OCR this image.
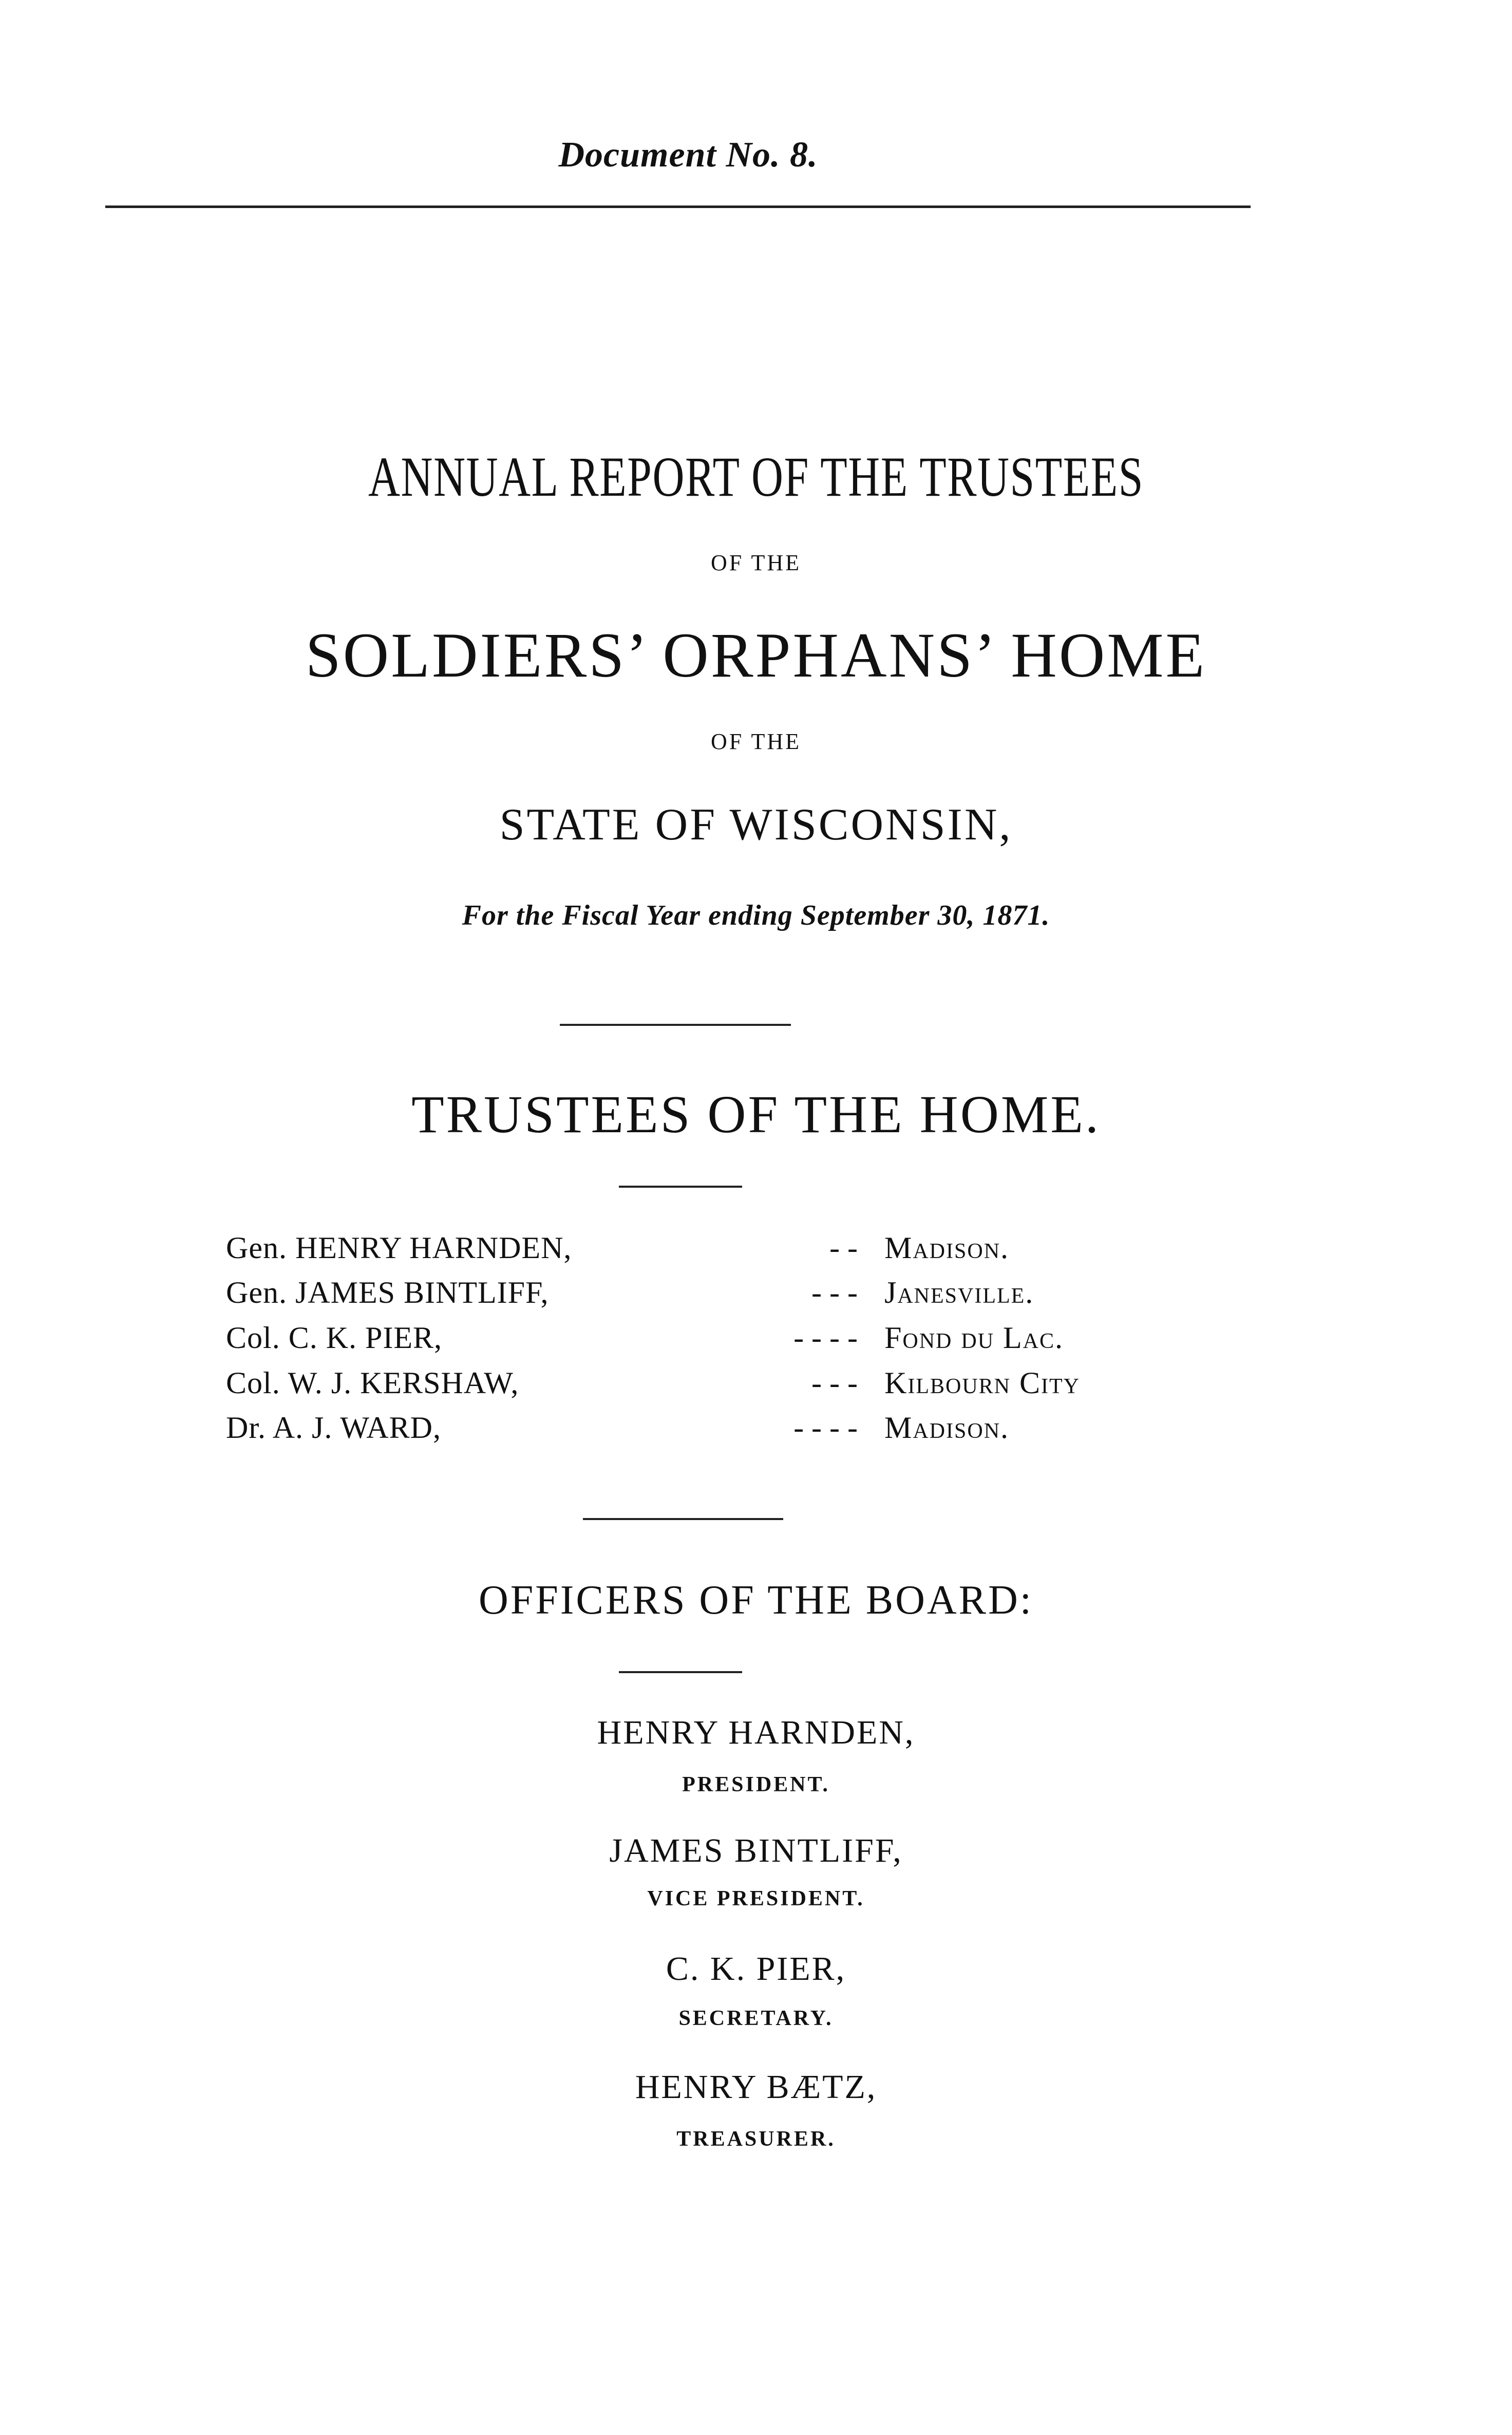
Document No. 8.
ANNUAL REPORT OF THE TRUSTEES
OF THE
SOLDIERS’ ORPHANS’ HOME
OF THE
STATE OF WISCONSIN,
For the Fiscal Year ending September 30, 1871.
TRUSTEES OF THE HOME.
Gen. HENRY HARNDEN,	- - Madison.
Gen. JAMES BINTLIFF,	- - - Janesville.
Col. C. K. PIER,	- - - - Fond du Lac.
Col. W. J. KERSHAW,	- - - Kilbourn City
Dr. A. J. WARD,	- - - - Madison.
OFFICERS OF THE BOARD:
HENRY HARNDEN,
PRESIDENT.
JAMES BINTLIFF,
VICE PRESIDENT.
C. K. PIER,
SECRETARY.
HENRY BÆTZ,
TREASURER.
